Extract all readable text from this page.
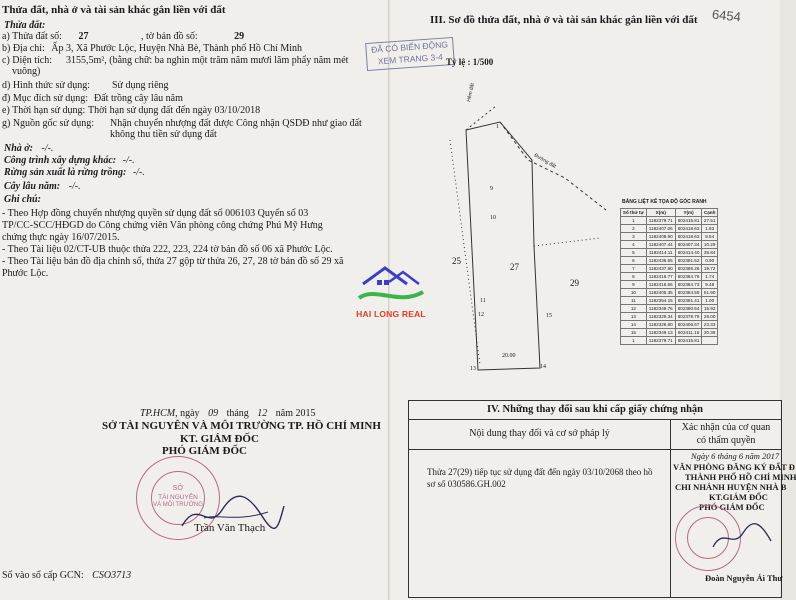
Thửa đất, nhà ở và tài sản khác gắn liền với đất
Thửa đất:
a) Thửa đất số: 27	, tờ bản đồ số:	29
b) Địa chỉ: Ấp 3, Xã Phước Lộc, Huyện Nhà Bè, Thành phố Hồ Chí Minh
c) Diện tích: 3155,5m², (bằng chữ: ba nghìn một trăm năm mươi lăm phẩy năm mét
vuông)
d) Hình thức sử dụng: Sử dụng riêng
đ) Mục đích sử dụng: Đất trồng cây lâu năm
e) Thời hạn sử dụng: Thời hạn sử dụng đất đến ngày 03/10/2018
g) Nguồn gốc sử dụng: Nhận chuyển nhượng đất được Công nhận QSDĐ như giao đất
không thu tiền sử dụng đất
Nhà ở: -/-.
Công trình xây dựng khác: -/-.
Rừng sản xuất là rừng trồng: -/-.
Cây lâu năm: -/-.
Ghi chú:
- Theo Hợp đồng chuyển nhượng quyền sử dụng đất số 006103 Quyển số 03
TP/CC-SCC/HĐGD do Công chứng viên Văn phòng công chứng Phú Mỹ Hưng
chứng thực ngày 16/07/2015.
- Theo Tài liệu 02/CT-UB thuộc thửa 222, 223, 224 tờ bản đồ số 06 xã Phước Lộc.
- Theo Tài liệu bản đồ địa chính số, thửa 27 gộp từ thửa 26, 27, 28 tờ bản đồ số 29 xã
Phước Lộc.
TP.HCM, ngày 09 tháng 12 năm 2015
SỞ TÀI NGUYÊN VÀ MÔI TRƯỜNG TP. HỒ CHÍ MINH
KT. GIÁM ĐỐC
PHÓ GIÁM ĐỐC
SỞ
TÀI NGUYÊN
VÀ MÔI TRƯỜNG
Trần Văn Thạch
Số vào sổ cấp GCN: CSO3713
6454
III. Sơ đồ thửa đất, nhà ở và tài sản khác gắn liền với đất
ĐÃ CÓ BIẾN ĐỘNG
XEM TRANG 3-4 Tỷ lệ : 1/500
Hẻm đất
Đường đất
25
27
29
13	14
15
11
12
10
9
1
20.00
BẢNG LIỆT KÊ TỌA ĐỘ GÓC RANH
Số thứ tự	X(m)	Y(m)	Cạnh
1	1182379.71	602415.81	27.51
2	1182407.06	602418.63	1.83
3	1182408.90	602418.63	8.54
4	1182407.44	602407.34	10.29
5	1182414.11	602414.40	35.84
6	1182436.65	602381.52	0.90
7	1182437.80	602385.26	19.72
8	1182416.77	602384.76	1.74
9	1182416.66	602384.73	9.48
10	1182405.35	602384.59	51.90
11	1182354.15	602381.41	1.00
12	1182349.76	602380.54	15.92
13	1182329.34	602378.79	28.00
14	1182326.80	602406.67	23.33
15	1182349.13	602411.16	30.36
1	1182379.71	602415.81	
HAI LONG REAL
IV. Những thay đổi sau khi cấp giấy chứng nhận
Nội dung thay đổi và cơ sở pháp lý
Xác nhận của cơ quan
có thẩm quyền
Thửa 27(29) tiếp tục sử dụng đất đến ngày 03/10/2068 theo hồ
sơ số 030586.GH.002
Ngày 6 tháng 6 năm 2017
VĂN PHÒNG ĐĂNG KÝ ĐẤT Đ
THÀNH PHỐ HỒ CHÍ MINH
CHI NHÁNH HUYỆN NHÀ B
KT.GIÁM ĐỐC
PHÓ GIÁM ĐỐC
Đoàn Nguyễn Ái Thư
